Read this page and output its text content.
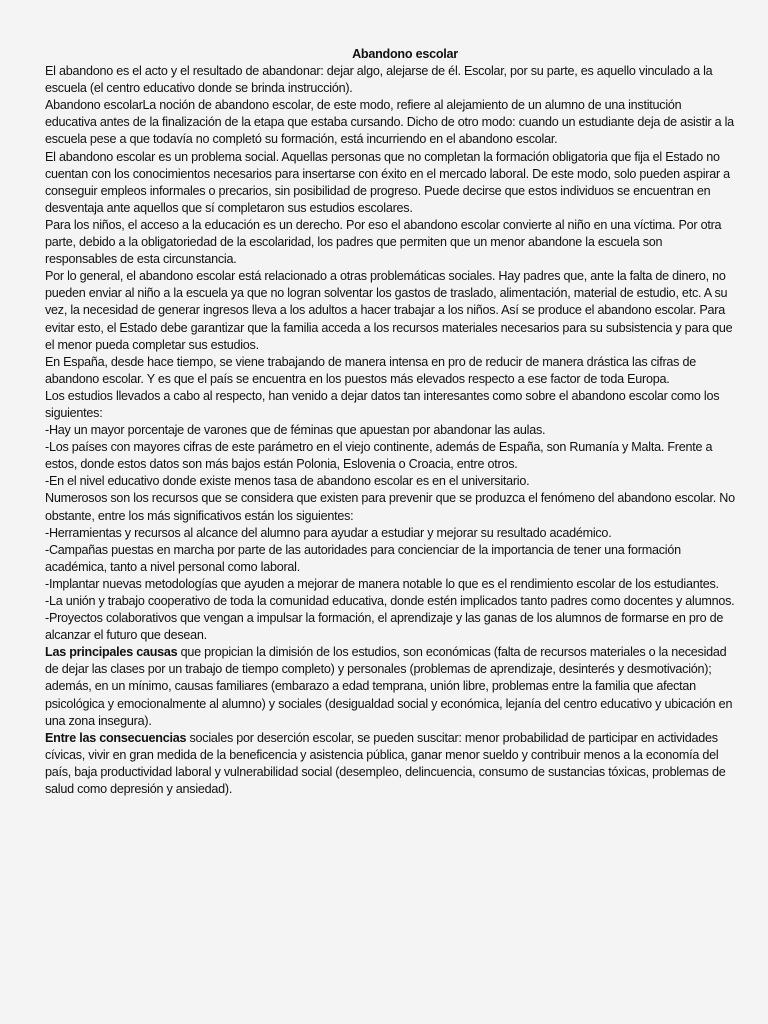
Abandono escolar

El abandono es el acto y el resultado de abandonar: dejar algo, alejarse de él. Escolar, por su parte, es aquello vinculado a la escuela (el centro educativo donde se brinda instrucción).

Abandono escolarLa noción de abandono escolar, de este modo, refiere al alejamiento de un alumno de una institución educativa antes de la finalización de la etapa que estaba cursando. Dicho de otro modo: cuando un estudiante deja de asistir a la escuela pese a que todavía no completó su formación, está incurriendo en el abandono escolar.

El abandono escolar es un problema social. Aquellas personas que no completan la formación obligatoria que fija el Estado no cuentan con los conocimientos necesarios para insertarse con éxito en el mercado laboral. De este modo, solo pueden aspirar a conseguir empleos informales o precarios, sin posibilidad de progreso. Puede decirse que estos individuos se encuentran en desventaja ante aquellos que sí completaron sus estudios escolares.

Para los niños, el acceso a la educación es un derecho. Por eso el abandono escolar convierte al niño en una víctima. Por otra parte, debido a la obligatoriedad de la escolaridad, los padres que permiten que un menor abandone la escuela son responsables de esta circunstancia.

Por lo general, el abandono escolar está relacionado a otras problemáticas sociales. Hay padres que, ante la falta de dinero, no pueden enviar al niño a la escuela ya que no logran solventar los gastos de traslado, alimentación, material de estudio, etc. A su vez, la necesidad de generar ingresos lleva a los adultos a hacer trabajar a los niños. Así se produce el abandono escolar. Para evitar esto, el Estado debe garantizar que la familia acceda a los recursos materiales necesarios para su subsistencia y para que el menor pueda completar sus estudios.

En España, desde hace tiempo, se viene trabajando de manera intensa en pro de reducir de manera drástica las cifras de abandono escolar. Y es que el país se encuentra en los puestos más elevados respecto a ese factor de toda Europa.

Los estudios llevados a cabo al respecto, han venido a dejar datos tan interesantes como sobre el abandono escolar como los siguientes:

-Hay un mayor porcentaje de varones que de féminas que apuestan por abandonar las aulas.

-Los países con mayores cifras de este parámetro en el viejo continente, además de España, son Rumanía y Malta. Frente a estos, donde estos datos son más bajos están Polonia, Eslovenia o Croacia, entre otros.

-En el nivel educativo donde existe menos tasa de abandono escolar es en el universitario.

Numerosos son los recursos que se considera que existen para prevenir que se produzca el fenómeno del abandono escolar. No obstante, entre los más significativos están los siguientes:

-Herramientas y recursos al alcance del alumno para ayudar a estudiar y mejorar su resultado académico.

-Campañas puestas en marcha por parte de las autoridades para concienciar de la importancia de tener una formación académica, tanto a nivel personal como laboral.

-Implantar nuevas metodologías que ayuden a mejorar de manera notable lo que es el rendimiento escolar de los estudiantes.

-La unión y trabajo cooperativo de toda la comunidad educativa, donde estén implicados tanto padres como docentes y alumnos.

-Proyectos colaborativos que vengan a impulsar la formación, el aprendizaje y las ganas de los alumnos de formarse en pro de alcanzar el futuro que desean.

Las principales causas que propician la dimisión de los estudios, son económicas (falta de recursos materiales o la necesidad de dejar las clases por un trabajo de tiempo completo) y personales (problemas de aprendizaje, desinterés y desmotivación); además, en un mínimo, causas familiares (embarazo a edad temprana, unión libre, problemas entre la familia que afectan psicológica y emocionalmente al alumno) y sociales (desigualdad social y económica, lejanía del centro educativo y ubicación en una zona insegura).

Entre las consecuencias sociales por deserción escolar, se pueden suscitar: menor probabilidad de participar en actividades cívicas, vivir en gran medida de la beneficencia y asistencia pública, ganar menor sueldo y contribuir menos a la economía del país, baja productividad laboral y vulnerabilidad social (desempleo, delincuencia, consumo de sustancias tóxicas, problemas de salud como depresión y ansiedad).
